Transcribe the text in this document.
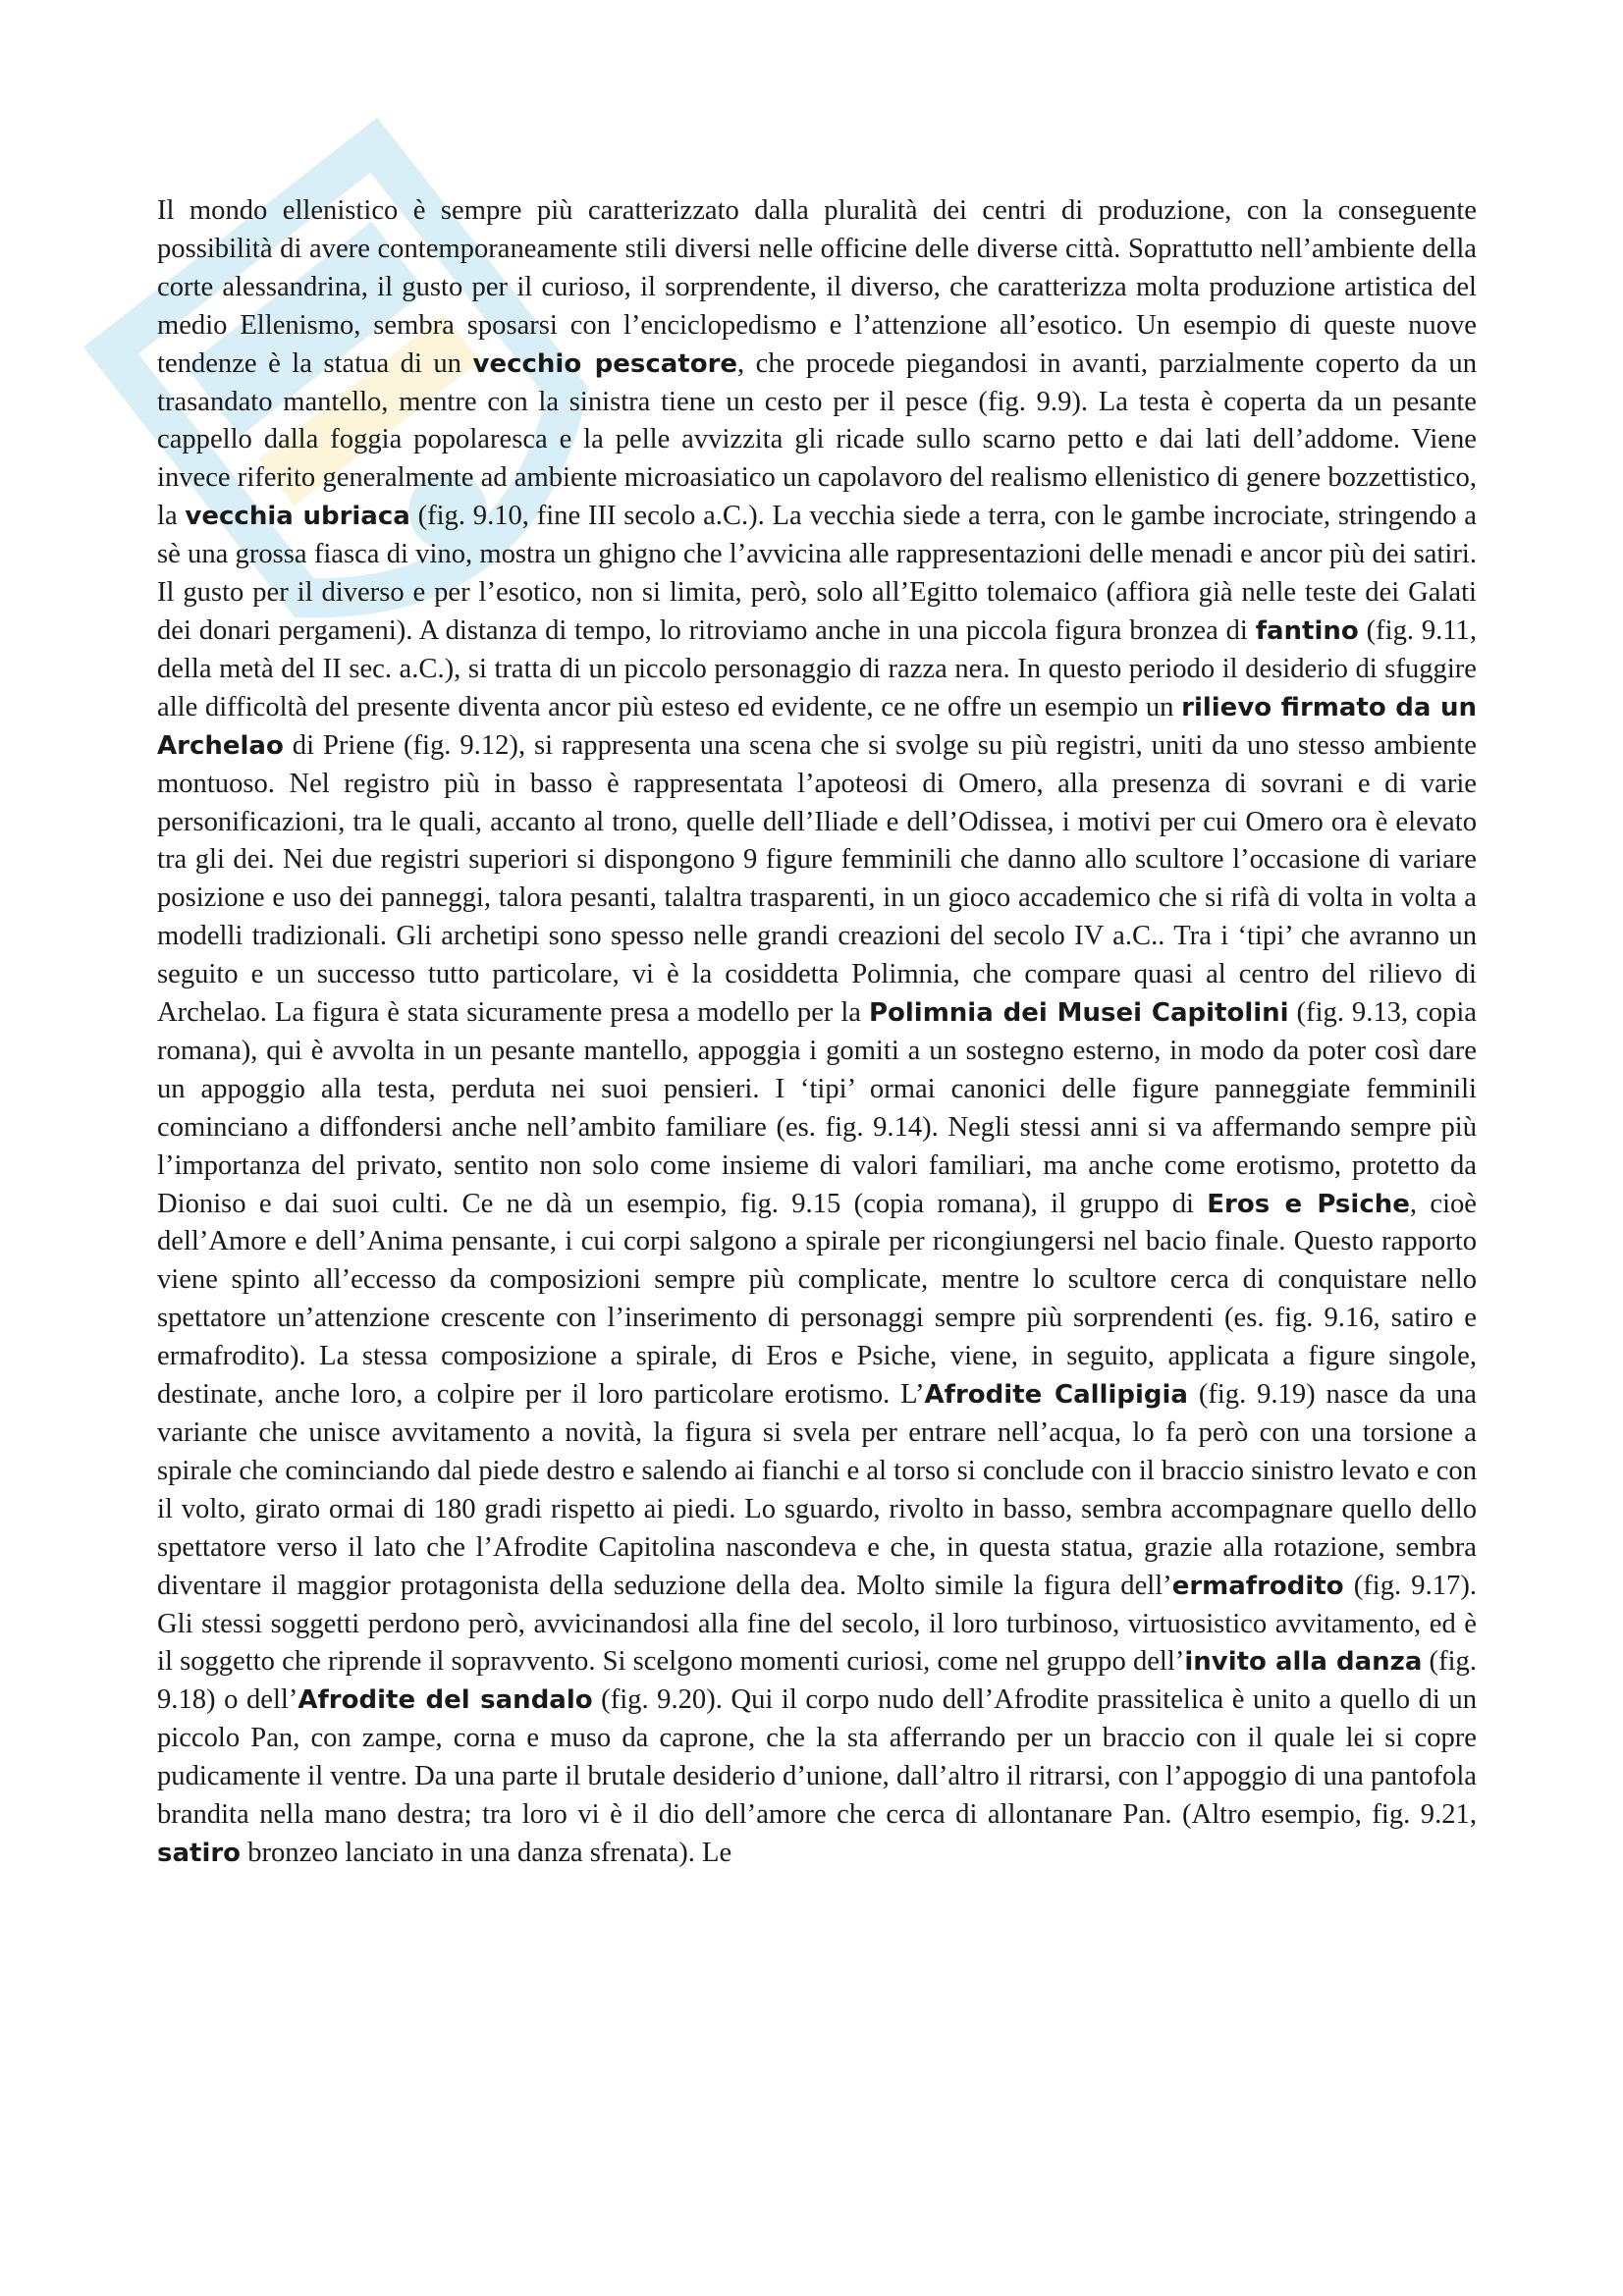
Il mondo ellenistico è sempre più caratterizzato dalla pluralità dei centri di produzione, con la conseguente possibilità di avere contemporaneamente stili diversi nelle officine delle diverse città. Soprattutto nell’ambiente della corte alessandrina, il gusto per il curioso, il sorprendente, il diverso, che caratterizza molta produzione artistica del medio Ellenismo, sembra sposarsi con l’enciclopedismo e l’attenzione all’esotico. Un esempio di queste nuove tendenze è la statua di un vecchio pescatore, che procede piegandosi in avanti, parzialmente coperto da un trasandato mantello, mentre con la sinistra tiene un cesto per il pesce (fig. 9.9). La testa è coperta da un pesante cappello dalla foggia popolaresca e la pelle avvizzita gli ricade sullo scarno petto e dai lati dell’addome. Viene invece riferito generalmente ad ambiente microasiatico un capolavoro del realismo ellenistico di genere bozzettistico, la vecchia ubriaca (fig. 9.10, fine III secolo a.C.). La vecchia siede a terra, con le gambe incrociate, stringendo a sè una grossa fiasca di vino, mostra un ghigno che l’avvicina alle rappresentazioni delle menadi e ancor più dei satiri. Il gusto per il diverso e per l’esotico, non si limita, però, solo all’Egitto tolemaico (affiora già nelle teste dei Galati dei donari pergameni). A distanza di tempo, lo ritroviamo anche in una piccola figura bronzea di fantino (fig. 9.11, della metà del II sec. a.C.), si tratta di un piccolo personaggio di razza nera. In questo periodo il desiderio di sfuggire alle difficoltà del presente diventa ancor più esteso ed evidente, ce ne offre un esempio un rilievo firmato da un Archelao di Priene (fig. 9.12), si rappresenta una scena che si svolge su più registri, uniti da uno stesso ambiente montuoso. Nel registro più in basso è rappresentata l’apoteosi di Omero, alla presenza di sovrani e di varie personificazioni, tra le quali, accanto al trono, quelle dell’Iliade e dell’Odissea, i motivi per cui Omero ora è elevato tra gli dei. Nei due registri superiori si dispongono 9 figure femminili che danno allo scultore l’occasione di variare posizione e uso dei panneggi, talora pesanti, talaltra trasparenti, in un gioco accademico che si rifà di volta in volta a modelli tradizionali. Gli archetipi sono spesso nelle grandi creazioni del secolo IV a.C.. Tra i ‘tipi’ che avranno un seguito e un successo tutto particolare, vi è la cosiddetta Polimnia, che compare quasi al centro del rilievo di Archelao. La figura è stata sicuramente presa a modello per la Polimnia dei Musei Capitolini (fig. 9.13, copia romana), qui è avvolta in un pesante mantello, appoggia i gomiti a un sostegno esterno, in modo da poter così dare un appoggio alla testa, perduta nei suoi pensieri. I ‘tipi’ ormai canonici delle figure panneggiate femminili cominciano a diffondersi anche nell’ambito familiare (es. fig. 9.14). Negli stessi anni si va affermando sempre più l’importanza del privato, sentito non solo come insieme di valori familiari, ma anche come erotismo, protetto da Dioniso e dai suoi culti. Ce ne dà un esempio, fig. 9.15 (copia romana), il gruppo di Eros e Psiche, cioè dell’Amore e dell’Anima pensante, i cui corpi salgono a spirale per ricongiungersi nel bacio finale. Questo rapporto viene spinto all’eccesso da composizioni sempre più complicate, mentre lo scultore cerca di conquistare nello spettatore un’attenzione crescente con l’inserimento di personaggi sempre più sorprendenti (es. fig. 9.16, satiro e ermafrodito). La stessa composizione a spirale, di Eros e Psiche, viene, in seguito, applicata a figure singole, destinate, anche loro, a colpire per il loro particolare erotismo. L’Afrodite Callipigia (fig. 9.19) nasce da una variante che unisce avvitamento a novità, la figura si svela per entrare nell’acqua, lo fa però con una torsione a spirale che cominciando dal piede destro e salendo ai fianchi e al torso si conclude con il braccio sinistro levato e con il volto, girato ormai di 180 gradi rispetto ai piedi. Lo sguardo, rivolto in basso, sembra accompagnare quello dello spettatore verso il lato che l’Afrodite Capitolina nascondeva e che, in questa statua, grazie alla rotazione, sembra diventare il maggior protagonista della seduzione della dea. Molto simile la figura dell’ermafrodito (fig. 9.17). Gli stessi soggetti perdono però, avvicinandosi alla fine del secolo, il loro turbinoso, virtuosistico avvitamento, ed è il soggetto che riprende il sopravvento. Si scelgono momenti curiosi, come nel gruppo dell’invito alla danza (fig. 9.18) o dell’Afrodite del sandalo (fig. 9.20). Qui il corpo nudo dell’Afrodite prassitelica è unito a quello di un piccolo Pan, con zampe, corna e muso da caprone, che la sta afferrando per un braccio con il quale lei si copre pudicamente il ventre. Da una parte il brutale desiderio d’unione, dall’altro il ritrarsi, con l’appoggio di una pantofola brandita nella mano destra; tra loro vi è il dio dell’amore che cerca di allontanare Pan. (Altro esempio, fig. 9.21, satiro bronzeo lanciato in una danza sfrenata). Le
